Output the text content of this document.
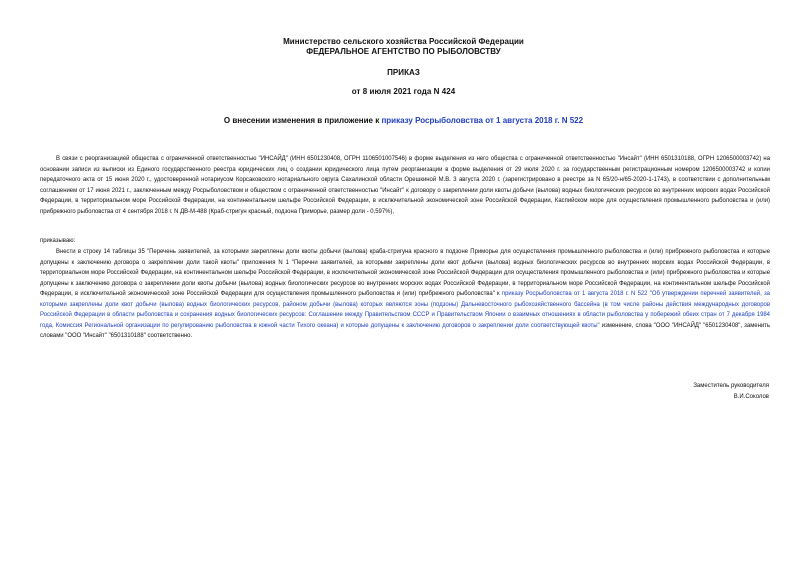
Министерство сельского хозяйства Российской Федерации
ФЕДЕРАЛЬНОЕ АГЕНТСТВО ПО РЫБОЛОВСТВУ
ПРИКАЗ
от 8 июля 2021 года N 424
О внесении изменения в приложение к приказу Росрыболовства от 1 августа 2018 г. N 522
В связи с реорганизацией общества с ограниченной ответственностью "ИНСАЙД" (ИНН 6501230408, ОГРН 1106501007546) в форме выделения из него общества с ограниченной ответственностью "Инсайт" (ИНН 6501310188, ОГРН 1206500003742) на основании записи из выписки из Единого государственного реестра юридических лиц о создании юридического лица путем реорганизации в форме выделения от 29 июля 2020 г. за государственным регистрационным номером 1206500003742 и копии передаточного акта от 15 июня 2020 г., удостоверенной нотариусом Корсаковского нотариального округа Сахалинской области Орешкиной М.В. 3 августа 2020 г. (зарегистрировано в реестре за N 65/20-н/65-2020-1-1743), в соответствии с дополнительным соглашением от 17 июня 2021 г., заключенным между Росрыболовством и обществом с ограниченной ответственностью "Инсайт" к договору о закреплении доли квоты добычи (вылова) водных биологических ресурсов во внутренних морских водах Российской Федерации, в территориальном море Российской Федерации, на континентальном шельфе Российской Федерации, в исключительной экономической зоне Российской Федерации, Каспийском море для осуществления промышленного рыболовства и (или) прибрежного рыболовства от 4 сентября 2018 г. N ДВ-М-488 (Краб-стригун красный, подзона Приморье, размер доли - 0,597%),
приказываю:
Внести в строку 14 таблицы 35 "Перечень заявителей, за которыми закреплены доли квоты добычи (вылова) краба-стригуна красного в подзоне Приморье для осуществления промышленного рыболовства и (или) прибрежного рыболовства и которые допущены к заключению договора о закреплении доли такой квоты" приложения N 1 "Перечни заявителей, за которыми закреплены доли квот добычи (вылова) водных биологических ресурсов во внутренних морских водах Российской Федерации, в территориальном море Российской Федерации, на континентальном шельфе Российской Федерации, в исключительной экономической зоне Российской Федерации для осуществления промышленного рыболовства и (или) прибрежного рыболовства и которые допущены к заключению договора о закреплении доли квоты добычи (вылова) водных биологических ресурсов во внутренних морских водах Российской Федерации, в территориальном море Российской Федерации, на континентальном шельфе Российской Федерации, в исключительной экономической зоне Российской Федерации для осуществления промышленного рыболовства и (или) прибрежного рыболовства" к приказу Росрыболовства от 1 августа 2018 г. N 522 "Об утверждении перечней заявителей, за которыми закреплены доли квот добычи (вылова) водных биологических ресурсов, районом добычи (вылова) которых являются зоны (подзоны) Дальневосточного рыбохозяйственного бассейна (в том числе районы действия международных договоров Российской Федерации в области рыболовства и сохранения водных биологических ресурсов: Соглашение между Правительством СССР и Правительством Японии о взаимных отношениях в области рыболовства у побережий обеих стран от 7 декабря 1984 года, Комиссия Региональной организации по регулированию рыболовства в южной части Тихого океана) и которые допущены к заключению договоров о закреплении доли соответствующей квоты" изменение, слова "ООО "ИНСАЙД" "6501230408", заменить словами "ООО "Инсайт" "6501310188" соответственно.
Заместитель руководителя
В.И.Соколов
